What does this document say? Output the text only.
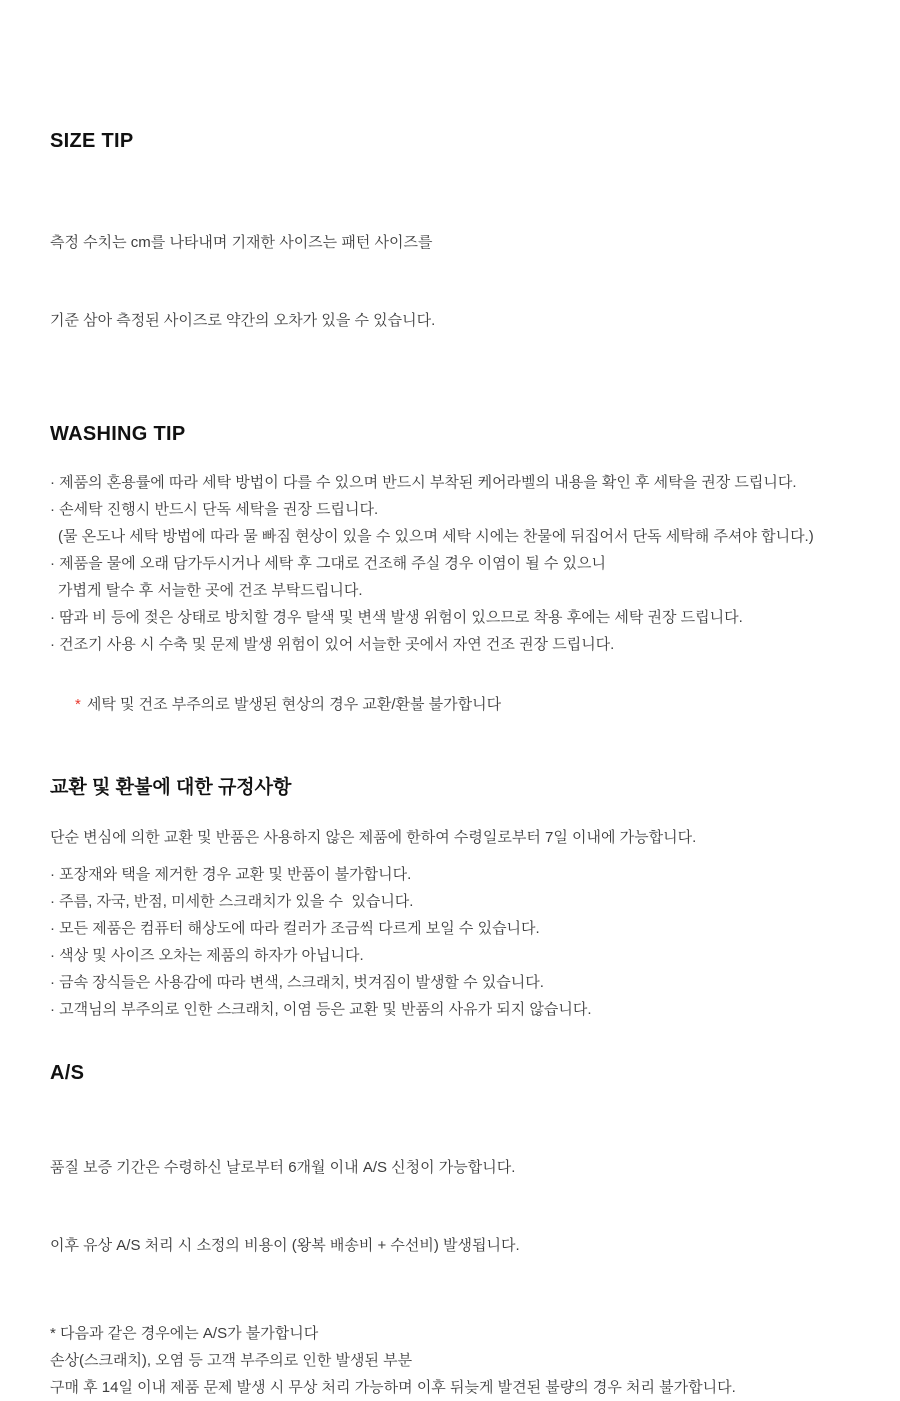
SIZE TIP

측정 수치는 cm를 나타내며 기재한 사이즈는 패턴 사이즈를

기준 삼아 측정된 사이즈로 약간의 오차가 있을 수 있습니다.

WASHING TIP
· 제품의 혼용률에 따라 세탁 방법이 다를 수 있으며 반드시 부착된 케어라벨의 내용을 확인 후 세탁을 권장 드립니다.
· 손세탁 진행시 반드시 단독 세탁을 권장 드립니다.
(물 온도나 세탁 방법에 따라 물 빠짐 현상이 있을 수 있으며 세탁 시에는 찬물에 뒤집어서 단독 세탁해 주셔야 합니다.)
· 제품을 물에 오래 담가두시거나 세탁 후 그대로 건조해 주실 경우 이염이 될 수 있으니
가볍게 탈수 후 서늘한 곳에 건조 부탁드립니다.
· 땀과 비 등에 젖은 상태로 방치할 경우 탈색 및 변색 발생 위험이 있으므로 착용 후에는 세탁 권장 드립니다.
· 건조기 사용 시 수축 및 문제 발생 위험이 있어 서늘한 곳에서 자연 건조 권장 드립니다.

* 세탁 및 건조 부주의로 발생된 현상의 경우 교환/환불 불가합니다

교환 및 환불에 대한 규정사항
단순 변심에 의한 교환 및 반품은 사용하지 않은 제품에 한하여 수령일로부터 7일 이내에 가능합니다.
· 포장재와 택을 제거한 경우 교환 및 반품이 불가합니다.
· 주름, 자국, 반점, 미세한 스크래치가 있을 수  있습니다.
· 모든 제품은 컴퓨터 해상도에 따라 컬러가 조금씩 다르게 보일 수 있습니다.
· 색상 및 사이즈 오차는 제품의 하자가 아닙니다.
· 금속 장식들은 사용감에 따라 변색, 스크래치, 벗겨짐이 발생할 수 있습니다.
· 고객님의 부주의로 인한 스크래치, 이염 등은 교환 및 반품의 사유가 되지 않습니다.
A/S

품질 보증 기간은 수령하신 날로부터 6개월 이내 A/S 신청이 가능합니다.

이후 유상 A/S 처리 시 소정의 비용이 (왕복 배송비 + 수선비) 발생됩니다.

* 다음과 같은 경우에는 A/S가 불가합니다
손상(스크래치), 오염 등 고객 부주의로 인한 발생된 부분
구매 후 14일 이내 제품 문제 발생 시 무상 처리 가능하며 이후 뒤늦게 발견된 불량의 경우 처리 불가합니다.
